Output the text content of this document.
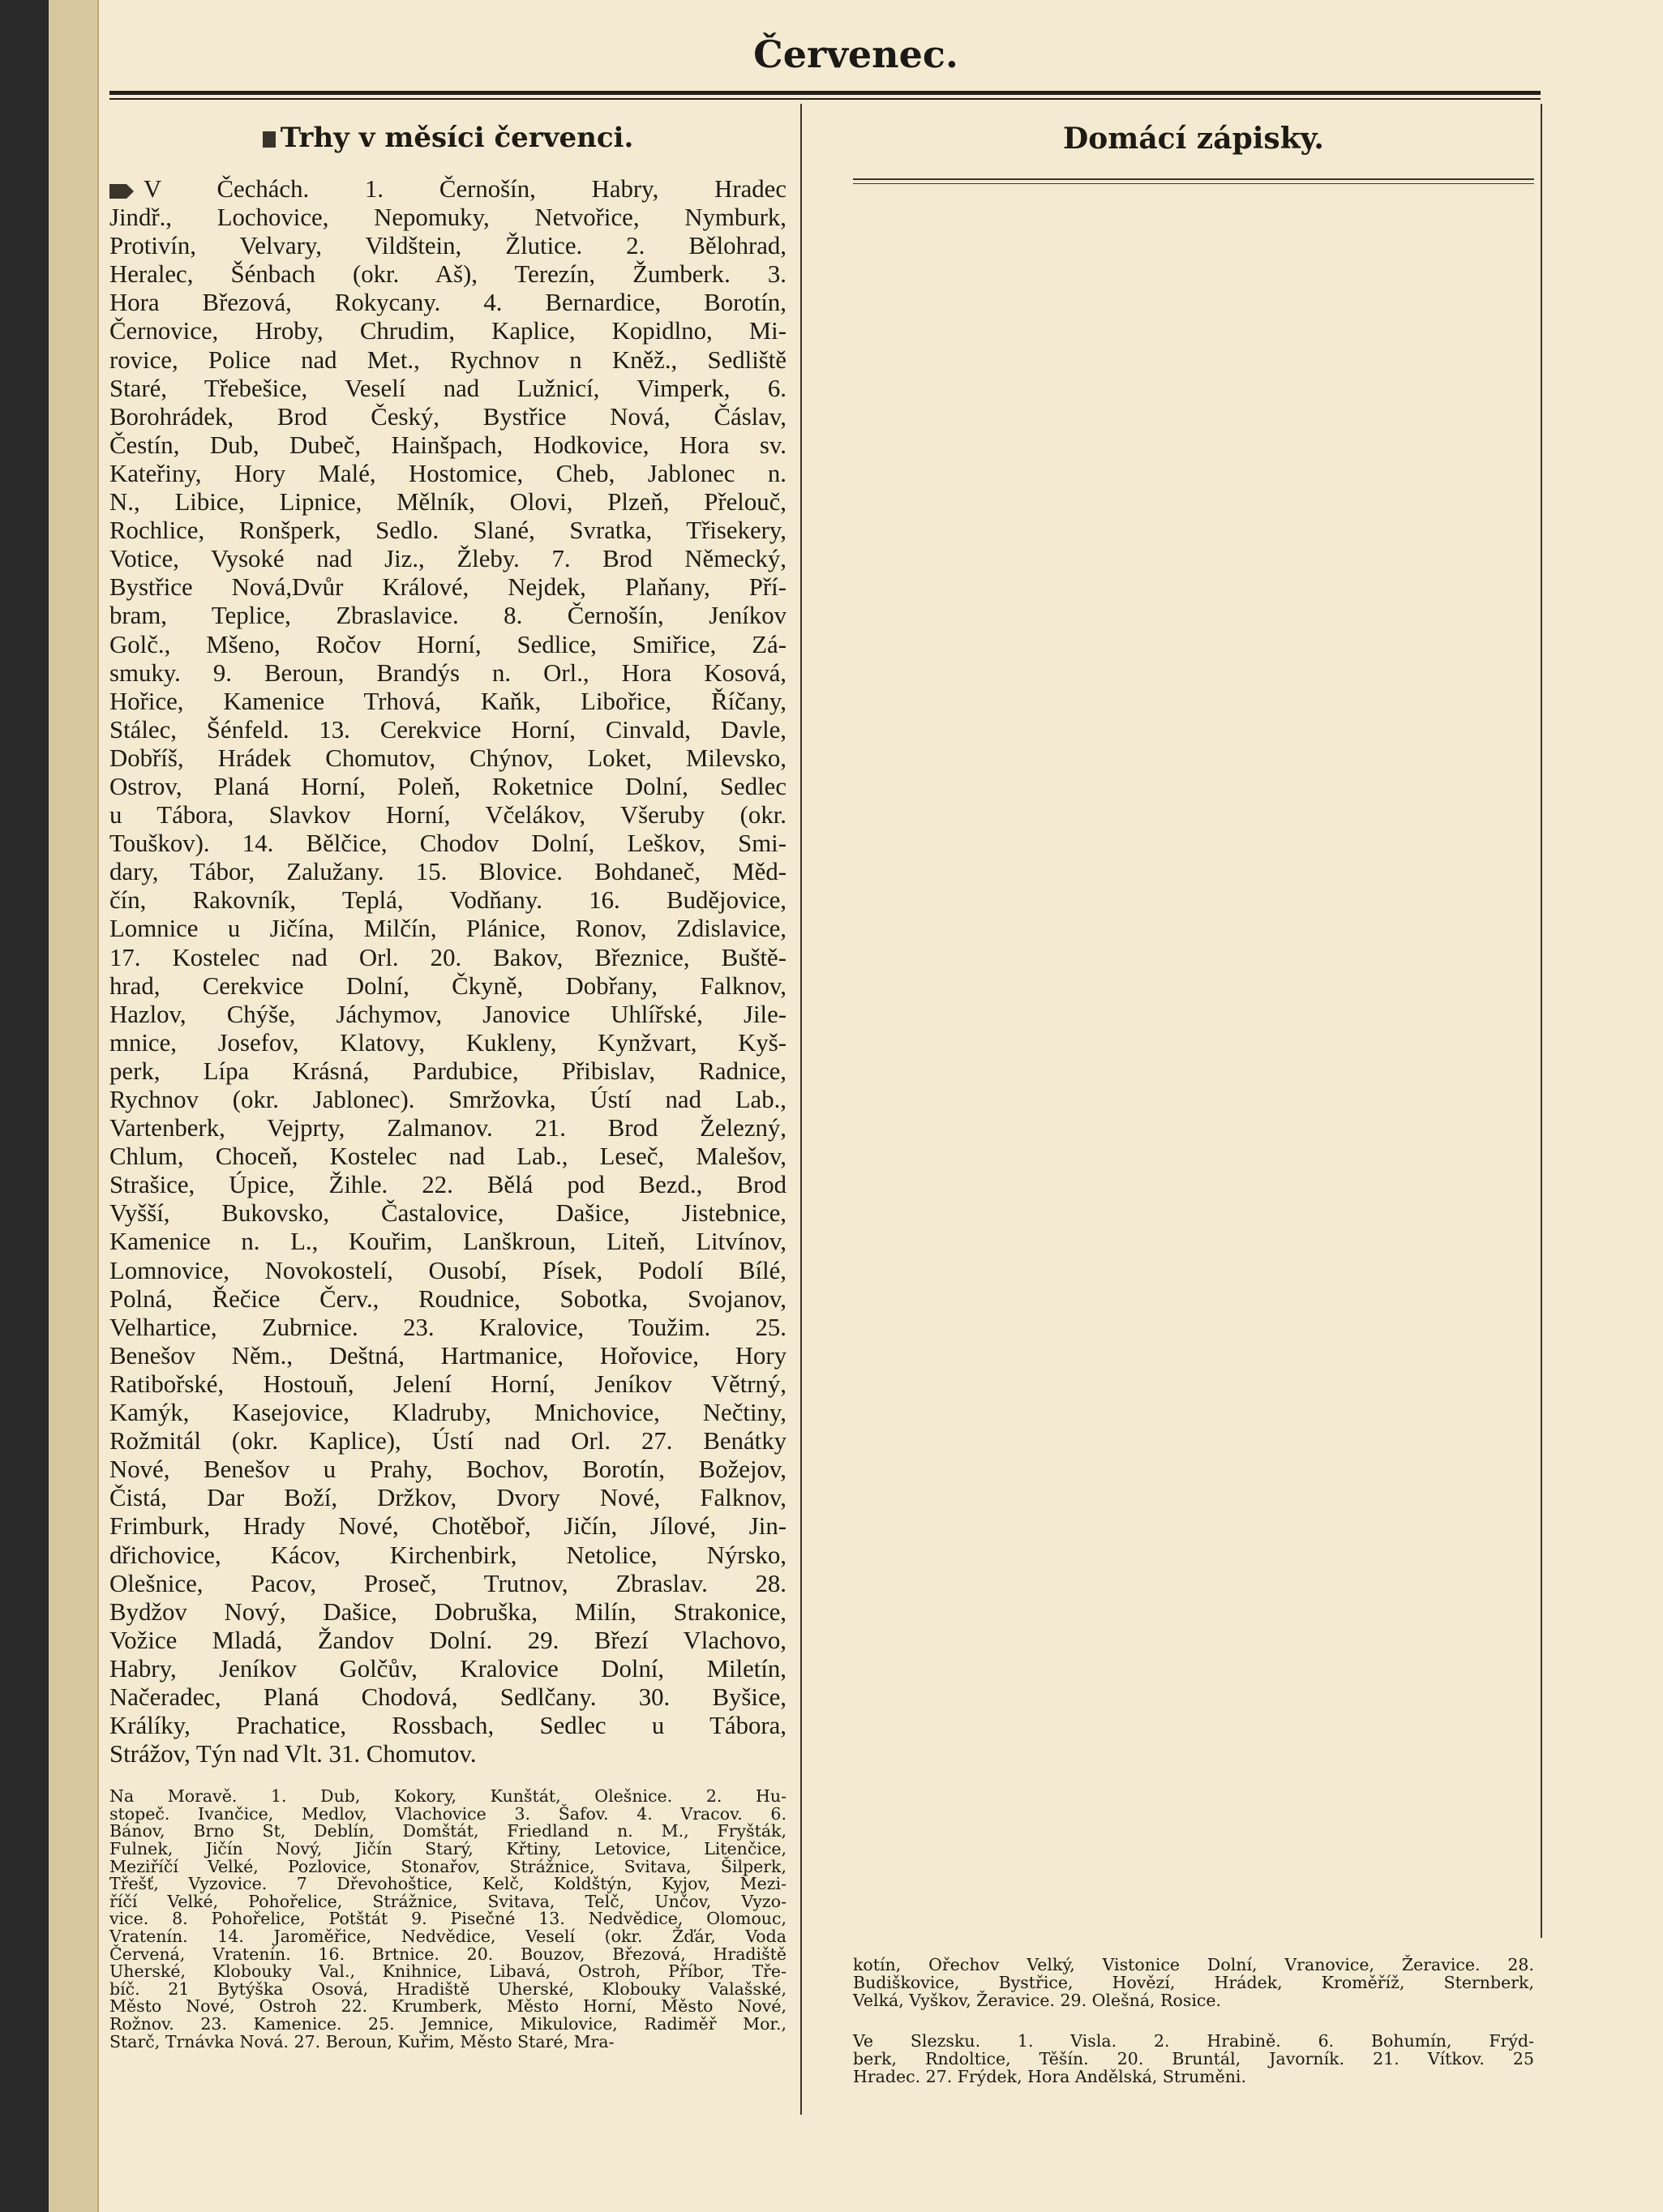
Červenec.
Trhy v měsíci červenci.
V Čechách. 1. Černošín, Habry, Hradec
Jindř., Lochovice, Nepomuky, Netvořice, Nymburk,
Protivín, Velvary, Vildštein, Žlutice. 2. Bělohrad,
Heralec, Šénbach (okr. Aš), Terezín, Žumberk. 3.
Hora Březová, Rokycany. 4. Bernardice, Borotín,
Černovice, Hroby, Chrudim, Kaplice, Kopidlno, Mi-
rovice, Police nad Met., Rychnov n Kněž., Sedliště
Staré, Třebešice, Veselí nad Lužnicí, Vimperk, 6.
Borohrádek, Brod Český, Bystřice Nová, Čáslav,
Čestín, Dub, Dubeč, Hainšpach, Hodkovice, Hora sv.
Kateřiny, Hory Malé, Hostomice, Cheb, Jablonec n.
N., Libice, Lipnice, Mělník, Olovi, Plzeň, Přelouč,
Rochlice, Ronšperk, Sedlo. Slané, Svratka, Třisekery,
Votice, Vysoké nad Jiz., Žleby. 7. Brod Německý,
Bystřice Nová,Dvůr Králové, Nejdek, Plaňany, Pří-
bram, Teplice, Zbraslavice. 8. Černošín, Jeníkov
Golč., Mšeno, Ročov Horní, Sedlice, Smiřice, Zá-
smuky. 9. Beroun, Brandýs n. Orl., Hora Kosová,
Hořice, Kamenice Trhová, Kaňk, Libořice, Říčany,
Stálec, Šénfeld. 13. Cerekvice Horní, Cinvald, Davle,
Dobříš, Hrádek Chomutov, Chýnov, Loket, Milevsko,
Ostrov, Planá Horní, Poleň, Roketnice Dolní, Sedlec
u Tábora, Slavkov Horní, Včelákov, Všeruby (okr.
Touškov). 14. Bělčice, Chodov Dolní, Leškov, Smi-
dary, Tábor, Zalužany. 15. Blovice. Bohdaneč, Měd-
čín, Rakovník, Teplá, Vodňany. 16. Budějovice,
Lomnice u Jičína, Milčín, Plánice, Ronov, Zdislavice,
17. Kostelec nad Orl. 20. Bakov, Březnice, Buště-
hrad, Cerekvice Dolní, Čkyně, Dobřany, Falknov,
Hazlov, Chýše, Jáchymov, Janovice Uhlířské, Jile-
mnice, Josefov, Klatovy, Kukleny, Kynžvart, Kyš-
perk, Lípa Krásná, Pardubice, Přibislav, Radnice,
Rychnov (okr. Jablonec). Smržovka, Ústí nad Lab.,
Vartenberk, Vejprty, Zalmanov. 21. Brod Železný,
Chlum, Choceň, Kostelec nad Lab., Leseč, Malešov,
Strašice, Úpice, Žihle. 22. Bělá pod Bezd., Brod
Vyšší, Bukovsko, Častalovice, Dašice, Jistebnice,
Kamenice n. L., Kouřim, Lanškroun, Liteň, Litvínov,
Lomnovice, Novokostelí, Ousobí, Písek, Podolí Bílé,
Polná, Řečice Červ., Roudnice, Sobotka, Svojanov,
Velhartice, Zubrnice. 23. Kralovice, Toužim. 25.
Benešov Něm., Deštná, Hartmanice, Hořovice, Hory
Ratibořské, Hostouň, Jelení Horní, Jeníkov Větrný,
Kamýk, Kasejovice, Kladruby, Mnichovice, Nečtiny,
Rožmitál (okr. Kaplice), Ústí nad Orl. 27. Benátky
Nové, Benešov u Prahy, Bochov, Borotín, Božejov,
Čistá, Dar Boží, Držkov, Dvory Nové, Falknov,
Frimburk, Hrady Nové, Chotěboř, Jičín, Jílové, Jin-
dřichovice, Kácov, Kirchenbirk, Netolice, Nýrsko,
Olešnice, Pacov, Proseč, Trutnov, Zbraslav. 28.
Bydžov Nový, Dašice, Dobruška, Milín, Strakonice,
Vožice Mladá, Žandov Dolní. 29. Březí Vlachovo,
Habry, Jeníkov Golčův, Kralovice Dolní, Miletín,
Načeradec, Planá Chodová, Sedlčany. 30. Byšice,
Králíky, Prachatice, Rossbach, Sedlec u Tábora,
Strážov, Týn nad Vlt. 31. Chomutov.
Na Moravě. 1. Dub, Kokory, Kunštát, Olešnice. 2. Hu-
stopeč. Ivančice, Medlov, Vlachovice 3. Šafov. 4. Vracov. 6.
Bánov, Brno St, Deblín, Domštát, Friedland n. M., Fryšták,
Fulnek, Jičín Nový, Jičín Starý, Křtiny, Letovice, Litenčice,
Meziříčí Velké, Pozlovice, Stonařov, Strážnice, Svitava, Šilperk,
Třešť, Vyzovice. 7 Dřevohoštice, Kelč, Koldštýn, Kyjov, Mezi-
říčí Velké, Pohořelice, Strážnice, Svitava, Telč, Unčov, Vyzo-
vice. 8. Pohořelice, Potštát 9. Pisečné 13. Nedvědice, Olomouc,
Vratenín. 14. Jaroměřice, Nedvědice, Veselí (okr. Žďár, Voda
Červená, Vratenín. 16. Brtnice. 20. Bouzov, Březová, Hradiště
Uherské, Klobouky Val., Knihnice, Libavá, Ostroh, Příbor, Tře-
bíč. 21 Bytýška Osová, Hradiště Uherské, Klobouky Valašské,
Město Nové, Ostroh 22. Krumberk, Město Horní, Město Nové,
Rožnov. 23. Kamenice. 25. Jemnice, Mikulovice, Radiměř Mor.,
Starč, Trnávka Nová. 27. Beroun, Kuřim, Město Staré, Mra-
Domácí zápisky.
kotín, Ořechov Velký, Vistonice Dolní, Vranovice, Žeravice. 28.
Budiškovice, Bystřice, Hovězí, Hrádek, Kroměříž, Sternberk,
Velká, Vyškov, Žeravice. 29. Olešná, Rosice.
Ve Slezsku. 1. Visla. 2. Hrabině. 6. Bohumín, Frýd-
berk, Rndoltice, Těšín. 20. Bruntál, Javorník. 21. Vítkov. 25
Hradec. 27. Frýdek, Hora Andělská, Struměni.
